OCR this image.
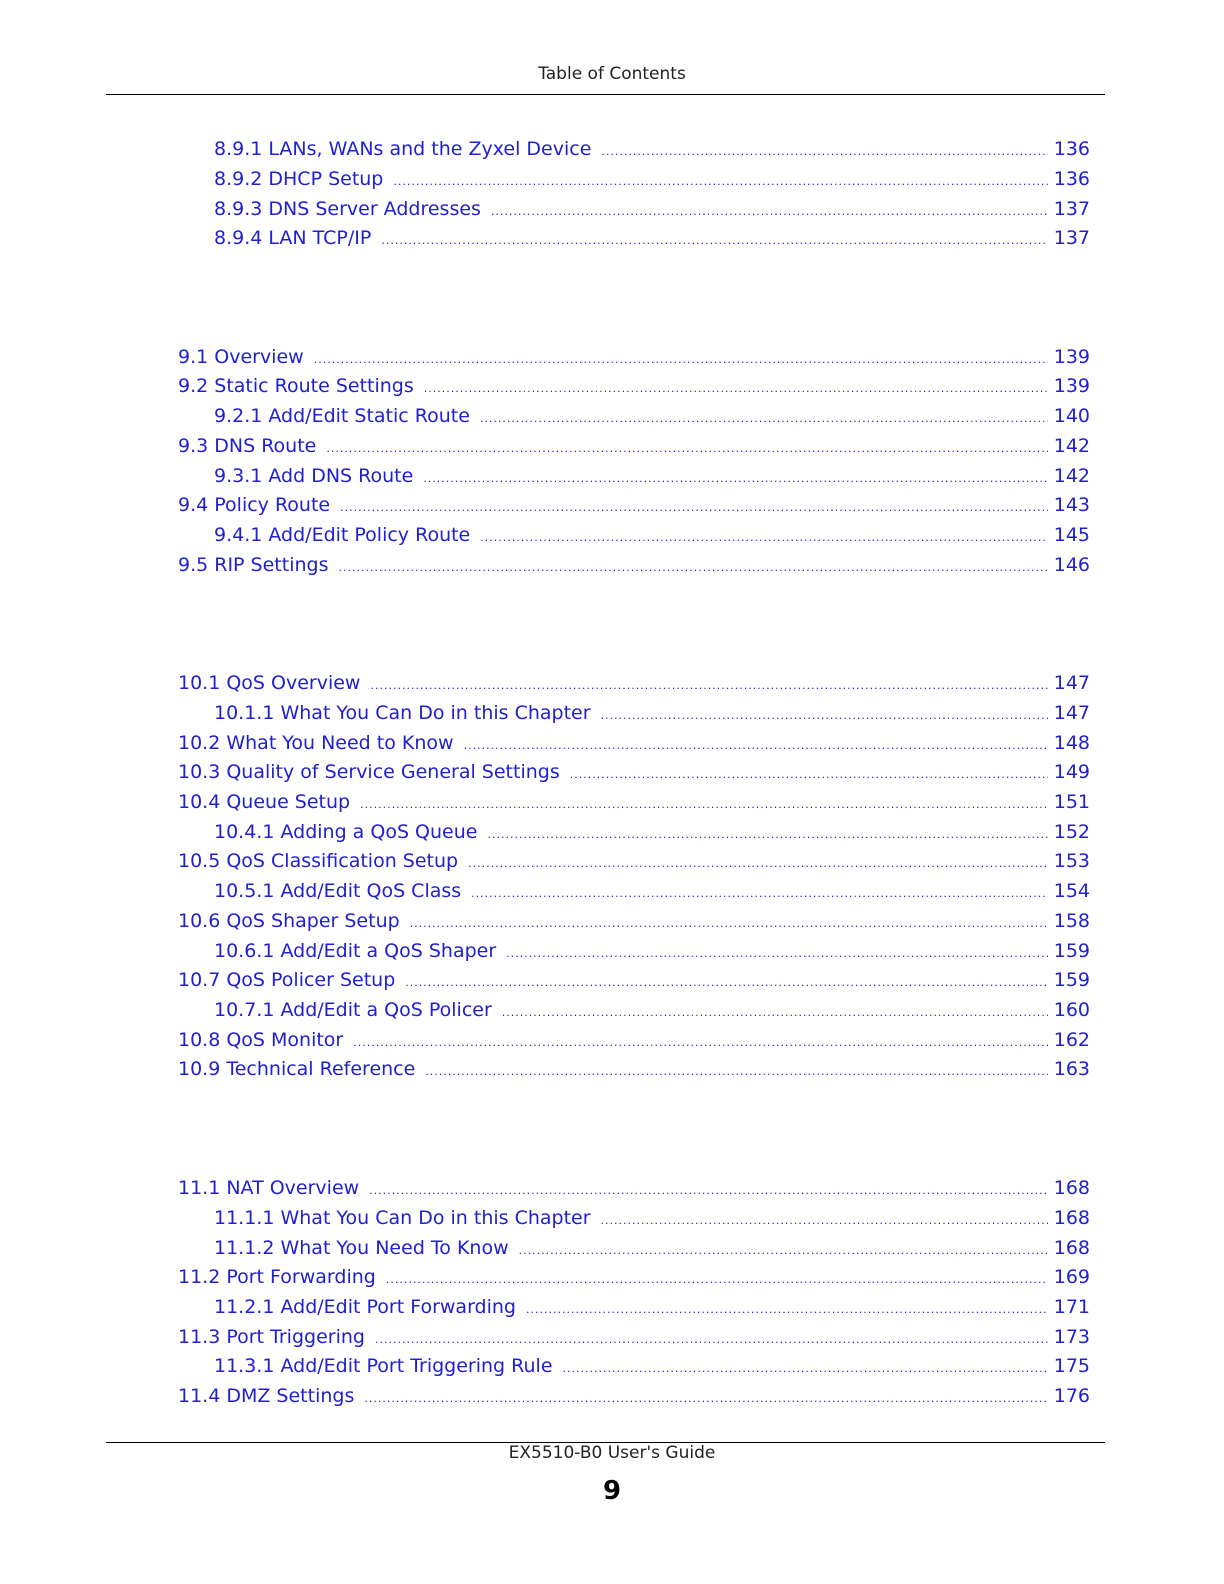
Table of Contents
8.9.1 LANs, WANs and the Zyxel Device .....	136
8.9.2 DHCP Setup .....	136
8.9.3 DNS Server Addresses .....	137
8.9.4 LAN TCP/IP .....	137
9.1 Overview .....	139
9.2 Static Route Settings .....	139
9.2.1 Add/Edit Static Route .....	140
9.3 DNS Route .....	142
9.3.1 Add DNS Route .....	142
9.4 Policy Route .....	143
9.4.1 Add/Edit Policy Route .....	145
9.5 RIP Settings .....	146
10.1 QoS Overview .....	147
10.1.1 What You Can Do in this Chapter .....	147
10.2 What You Need to Know .....	148
10.3 Quality of Service General Settings .....	149
10.4 Queue Setup .....	151
10.4.1 Adding a QoS Queue .....	152
10.5 QoS Classification Setup .....	153
10.5.1 Add/Edit QoS Class .....	154
10.6 QoS Shaper Setup .....	158
10.6.1 Add/Edit a QoS Shaper .....	159
10.7 QoS Policer Setup .....	159
10.7.1 Add/Edit a QoS Policer .....	160
10.8 QoS Monitor .....	162
10.9 Technical Reference .....	163
11.1 NAT Overview .....	168
11.1.1 What You Can Do in this Chapter .....	168
11.1.2 What You Need To Know .....	168
11.2 Port Forwarding .....	169
11.2.1 Add/Edit Port Forwarding .....	171
11.3 Port Triggering .....	173
11.3.1 Add/Edit Port Triggering Rule .....	175
11.4 DMZ Settings .....	176
EX5510-B0 User's Guide
9
